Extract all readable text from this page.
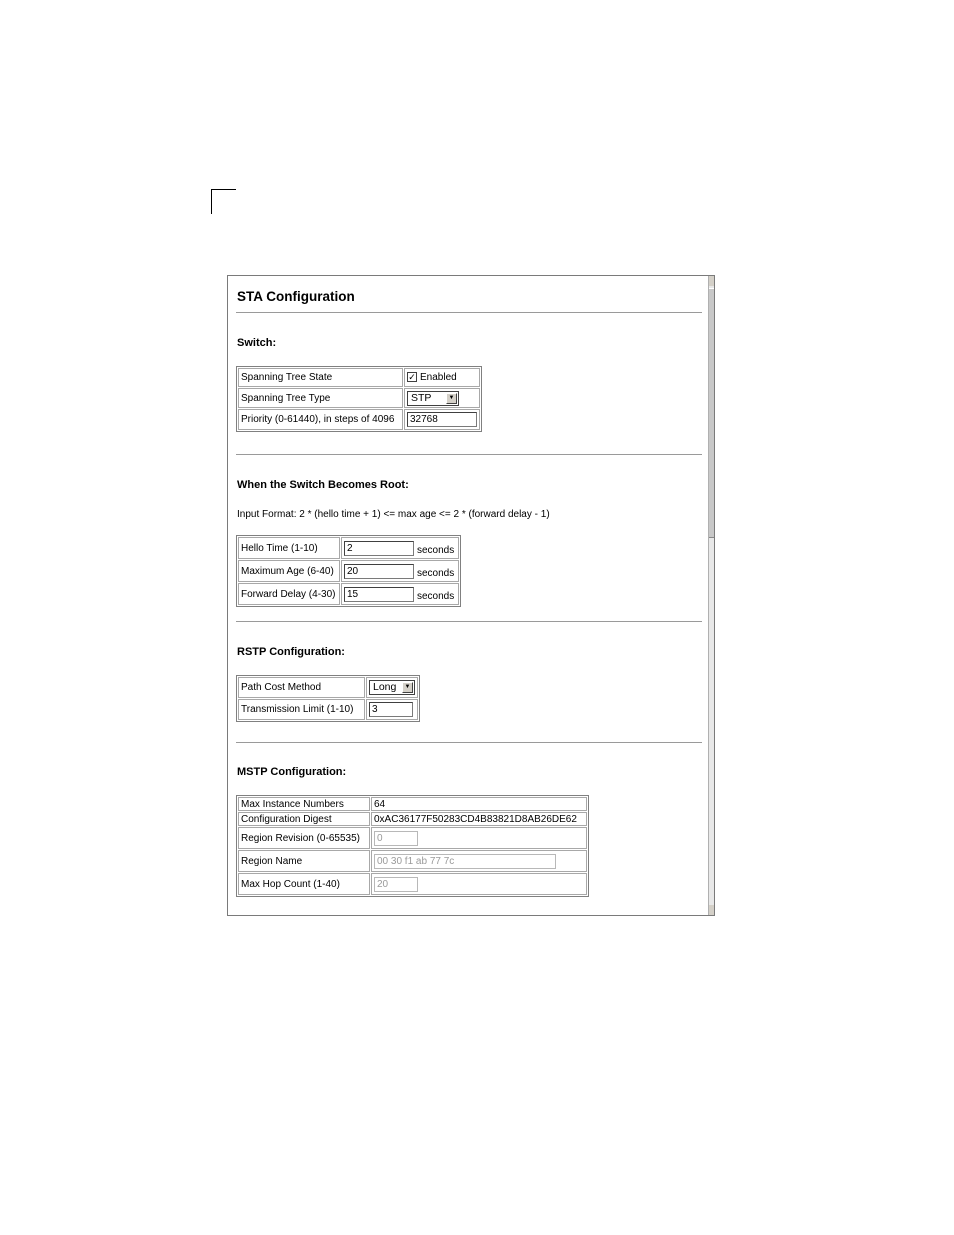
STA Configuration
Switch:
Spanning Tree State	✓ Enabled
Spanning Tree Type	STP ▼

Priority (0-61440), in steps of 4096	32768
When the Switch Becomes Root:
Input Format: 2 * (hello time + 1) <= max age <= 2 * (forward delay - 1)
Hello Time (1-10)	2 seconds
Maximum Age (6-40)	20 seconds
Forward Delay (4-30)	15 seconds
RSTP Configuration:
Path Cost Method	Long ▼

Transmission Limit (1-10)	3
MSTP Configuration:
Max Instance Numbers	64
Configuration Digest	0xAC36177F50283CD4B83821D8AB26DE62
Region Revision (0-65535)	0
Region Name	00 30 f1 ab 77 7c
Max Hop Count (1-40)	20
